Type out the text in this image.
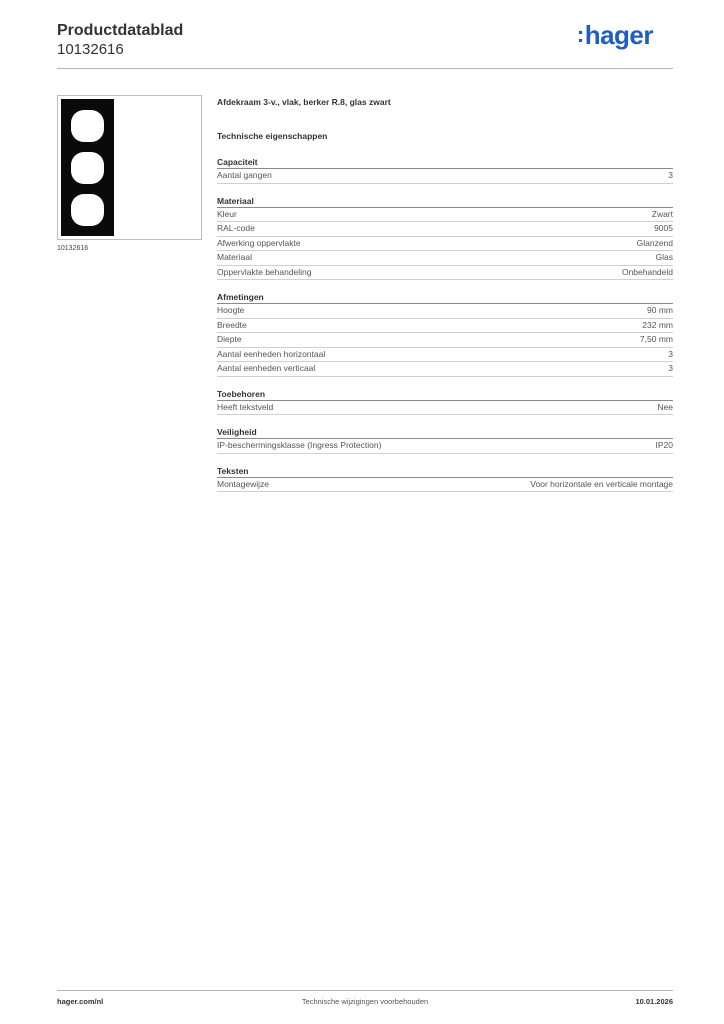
Productdatablad
10132616
:hager
10132616
Afdekraam 3-v., vlak, berker R.8, glas zwart
Technische eigenschappen
Capaciteit
Aantal gangen	3
Materiaal
Kleur	Zwart
RAL-code	9005
Afwerking oppervlakte	Glanzend
Materiaal	Glas
Oppervlakte behandeling	Onbehandeld
Afmetingen
Hoogte	90 mm
Breedte	232 mm
Diepte	7,50 mm
Aantal eenheden horizontaal	3
Aantal eenheden verticaal	3
Toebehoren
Heeft tekstveld	Nee
Veiligheid
IP-beschermingsklasse (Ingress Protection)	IP20
Teksten
Montagewijze	Voor horizontale en verticale montage
hager.com/nl	Technische wijzigingen voorbehouden	10.01.2026
